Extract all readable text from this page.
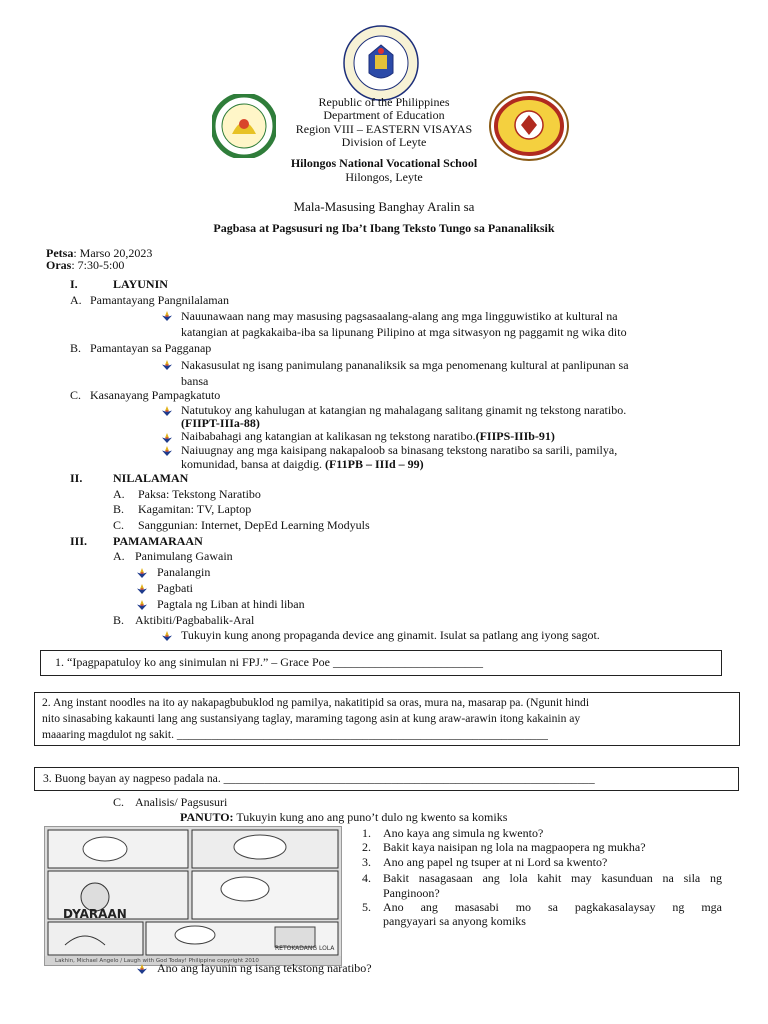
Republic of the Philippines
Department of Education
Region VIII – EASTERN VISAYAS
Division of Leyte
Hilongos National Vocational School
Hilongos, Leyte
Mala-Masusing Banghay Aralin sa
Pagbasa at Pagsusuri ng Iba’t Ibang Teksto Tungo sa Pananaliksik
Petsa: Marso 20,2023
Oras: 7:30-5:00
I.	LAYUNIN
A. Pamantayang Pangnilalaman
Nauunawaan nang may masusing pagsasaalang-alang ang mga lingguwistiko at kultural na
katangian at pagkakaiba-iba sa lipunang Pilipino at mga sitwasyon ng paggamit ng wika dito
B. Pamantayan sa Pagganap
Nakasusulat ng isang panimulang pananaliksik sa mga penomenang kultural at panlipunan sa
bansa
C. Kasanayang Pampagkatuto
Natutukoy ang kahulugan at katangian ng mahalagang salitang ginamit ng tekstong naratibo.
(FIIPT-IIIa-88)
Naibabahagi ang katangian at kalikasan ng tekstong naratibo.(FIIPS-IIIb-91)
Naiuugnay ang mga kaisipang nakapaloob sa binasang tekstong naratibo sa sarili, pamilya,
komunidad, bansa at daigdig. (F11PB – IIId – 99)
II.	NILALAMAN
A. Paksa: Tekstong Naratibo
B. Kagamitan: TV, Laptop
C. Sanggunian: Internet, DepEd Learning Modyuls
III. PAMAMARAAN
A. Panimulang Gawain
Panalangin
Pagbati
Pagtala ng Liban at hindi liban
B. Aktibiti/Pagbabalik-Aral
Tukuyin kung anong propaganda device ang ginamit. Isulat sa patlang ang iyong sagot.
1. “Ipagpapatuloy ko ang sinimulan ni FPJ.” – Grace Poe _________________________
2. Ang instant noodles na ito ay nakapagbubuklod ng pamilya, nakatitipid sa oras, mura na, masarap pa. (Ngunit hindi
nito sinasabing kakaunti lang ang sustansiyang taglay, maraming tagong asin at kung araw-arawin itong kakainin ay
maaaring magdulot ng sakit. ________________________________________________________________
3. Buong bayan ay nagpeso padala na. ________________________________________________________________
C. Analisis/ Pagsusuri
PANUTO: Tukuyin kung ano ang puno’t dulo ng kwento sa komiks
DYARAAN
RETOKADANG LOLA
Lakhin, Michael Angelo / Laugh with God Today! Philippine copyright 2010
1. Ano kaya ang simula ng kwento?
2. Bakit kaya naisipan ng lola na magpaopera ng mukha?
3. Ano ang papel ng tsuper at ni Lord sa kwento?
4. Bakit nasagasaan ang lola kahit may kasunduan na sila ng
Panginoon?
5. Ano ang masasabi mo sa pagkakasalaysay ng mga
pangyayari sa anyong komiks
Ano ang layunin ng isang tekstong naratibo?
